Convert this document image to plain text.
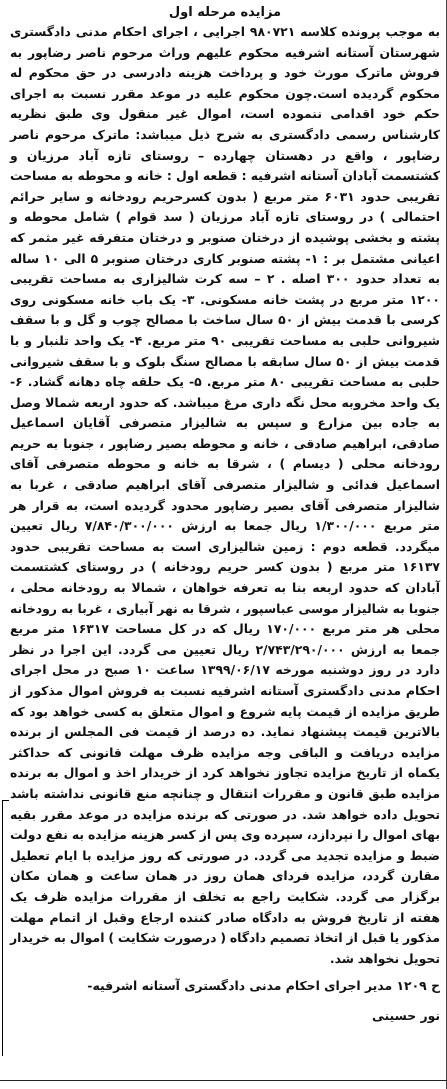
مزایده مرحله اول

به موجب پرونده کلاسه ۹۸۰۷۲۱ اجرایی ، اجرای احکام مدنی دادگستری شهرستان آستانه اشرفیه محکوم علیهم وراث مرحوم ناصر رضاپور به فروش ماترک مورث خود و پرداخت هزینه دادرسی در حق محکوم له محکوم گردیده است.چون محکوم علیه در موعد مقرر نسبت به اجرای حکم خود اقدامی ننموده است، اموال غیر منقول وی طبق نظریه کارشناس رسمی دادگستری به شرح ذیل میباشد: ماترک مرحوم ناصر رضاپور ، واقع در دهستان چهارده – روستای تازه آباد مرزیان و کشتسمت آبادان آستانه اشرفیه : قطعه اول : خانه و محوطه به مساحت تقریبی حدود ۶۰۳۱ متر مربع ( بدون کسرحریم رودخانه و سایر حرائم احتمالی ) در روستای تازه آباد مرزیان ( سد قوام ) شامل محوطه و پشته و بخشی پوشیده از درختان صنوبر و درختان متفرقه غیر مثمر که اعیانی مشتمل بر : ۱- پشته صنوبر کاری درختان صنوبر ۵ الی ۱۰ ساله به تعداد حدود ۳۰۰ اصله . ۲ – سه کرت شالیزاری به مساحت تقریبی ۱۲۰۰ متر مربع در پشت خانه مسکونی. ۳- یک باب خانه مسکونی روی کرسی با قدمت بیش از ۵۰ سال ساخت با مصالح چوب و گل و با سقف شیروانی حلبی به مساحت تقریبی ۹۰ متر مربع. ۴- یک واحد تلنبار و با قدمت بیش از ۵۰ سال سابقه با مصالح سنگ بلوک و با سقف شیروانی حلبی به مساحت تقریبی ۸۰ متر مربع. ۵- یک حلقه چاه دهانه گشاد. ۶- یک واحد مخروبه محل نگه داری مرغ میباشد. که حدود اربعه شمالا وصل به جاده بین مزارع و سپس به شالیزار متصرفی آقایان اسماعیل صادقی، ابراهیم صادقی ، خانه و محوطه بصیر رضاپور ، جنوبا به حریم رودخانه محلی ( دیسام ) ، شرقا به خانه و محوطه متصرفی آقای اسماعیل فدائی و شالیزار متصرفی آقای ابراهیم صادقی ، غربا به شالیزار متصرفی آقای بصیر رضاپور محدود گردیده است، به قرار هر متر مربع ۱/۳۰۰/۰۰۰ ریال جمعا به ارزش ۷/۸۴۰/۳۰۰/۰۰۰ ریال تعیین میگردد. قطعه دوم : زمین شالیزاری است به مساحت تقریبی حدود ۱۶۱۳۷ متر مربع ( بدون کسر حریم رودخانه ) در روستای کشتسمت آبادان که حدود اربعه بنا به تعرفه خواهان ، شمالا به رودخانه محلی ، جنوبا به شالیزار موسی عباسپور ، شرقا به نهر آبیاری ، غربا به رودخانه محلی هر متر مربع ۱۷۰/۰۰۰ ریال که در کل مساحت ۱۶۳۱۷ متر مربع جمعا به ارزش ۲/۷۴۳/۲۹۰/۰۰۰ ریال تعیین می گردد. این اجرا در نظر دارد در روز دوشنبه مورخه ۱۳۹۹/۰۶/۱۷ ساعت ۱۰ صبح در محل اجرای احکام مدنی دادگستری آستانه اشرفیه نسبت به فروش اموال مذکور از طریق مزایده از قیمت پایه شروع و اموال متعلق به کسی خواهد بود که بالاترین قیمت پیشنهاد نماید. ده درصد از قیمت فی المجلس از برنده مزایده دریافت و الباقی وجه مزایده ظرف مهلت قانونی که حداکثر یکماه از تاریخ مزایده تجاوز نخواهد کرد از خریدار اخذ و اموال به برنده مزایده طبق قانون و مقررات انتقال و چنانچه منع قانونی نداشته باشد تحویل داده خواهد شد. در صورتی که برنده مزایده در موعد مقرر بقیه بهای اموال را نپردازد، سپرده وی پس از کسر هزینه مزایده به نفع دولت ضبط و مزایده تجدید می گردد. در صورتی که روز مزایده با ایام تعطیل مقارن گردد، مزایده فردای همان روز در همان ساعت و همان مکان برگزار می گردد. شکایت راجع به تخلف از مقررات مزایده ظرف یک هفته از تاریخ فروش به دادگاه صادر کننده ارجاع وقبل از اتمام مهلت مذکور یا قبل از اتخاذ تصمیم دادگاه ( درصورت شکایت ) اموال به خریدار تحویل نخواهد شد.

ح ۱۲۰۹ مدیر اجرای احکام مدنی دادگستری آستانه اشرفیه-
نور حسینی
